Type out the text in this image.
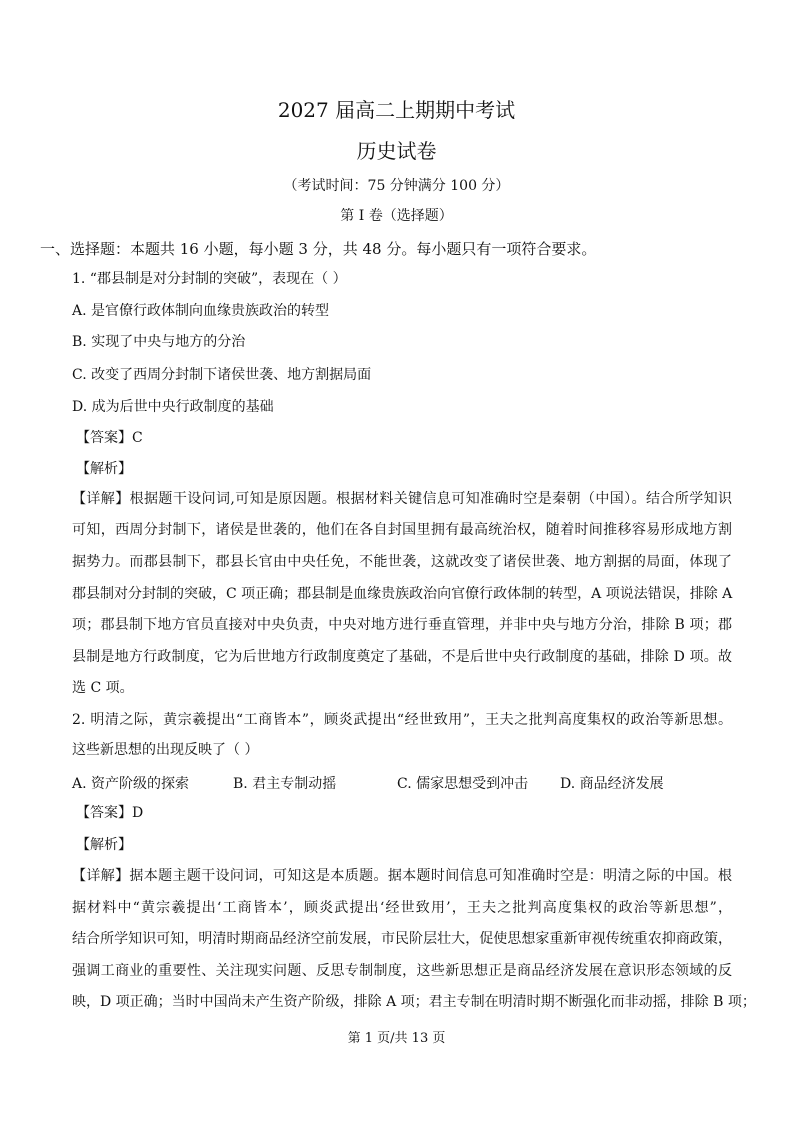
2027 届高二上期期中考试
历史试卷
（考试时间：75 分钟满分 100 分）
第 I 卷（选择题）
一、选择题：本题共 16 小题，每小题 3 分，共 48 分。每小题只有一项符合要求。
1. “郡县制是对分封制的突破”，表现在（ ）
A. 是官僚行政体制向血缘贵族政治的转型
B. 实现了中央与地方的分治
C. 改变了西周分封制下诸侯世袭、地方割据局面
D. 成为后世中央行政制度的基础
【答案】C
【解析】
【详解】根据题干设问词,可知是原因题。根据材料关键信息可知准确时空是秦朝（中国）。结合所学知识
可知，西周分封制下，诸侯是世袭的，他们在各自封国里拥有最高统治权，随着时间推移容易形成地方割
据势力。而郡县制下，郡县长官由中央任免，不能世袭，这就改变了诸侯世袭、地方割据的局面，体现了
郡县制对分封制的突破，C 项正确；郡县制是血缘贵族政治向官僚行政体制的转型，A 项说法错误，排除 A
项；郡县制下地方官员直接对中央负责，中央对地方进行垂直管理，并非中央与地方分治，排除 B 项；郡
县制是地方行政制度，它为后世地方行政制度奠定了基础，不是后世中央行政制度的基础，排除 D 项。故
选 C 项。
2. 明清之际，黄宗羲提出“工商皆本”，顾炎武提出“经世致用”，王夫之批判高度集权的政治等新思想。
这些新思想的出现反映了（ ）
A. 资产阶级的探索	B. 君主专制动摇	C. 儒家思想受到冲击 D. 商品经济发展
【答案】D
【解析】
【详解】据本题主题干设问词，可知这是本质题。据本题时间信息可知准确时空是：明清之际的中国。根
据材料中“黄宗羲提出‘工商皆本’，顾炎武提出‘经世致用’，王夫之批判高度集权的政治等新思想”，
结合所学知识可知，明清时期商品经济空前发展，市民阶层壮大，促使思想家重新审视传统重农抑商政策，
强调工商业的重要性、关注现实问题、反思专制制度，这些新思想正是商品经济发展在意识形态领域的反
映，D 项正确；当时中国尚未产生资产阶级，排除 A 项；君主专制在明清时期不断强化而非动摇，排除 B 项；
第 1 页/共 13 页
